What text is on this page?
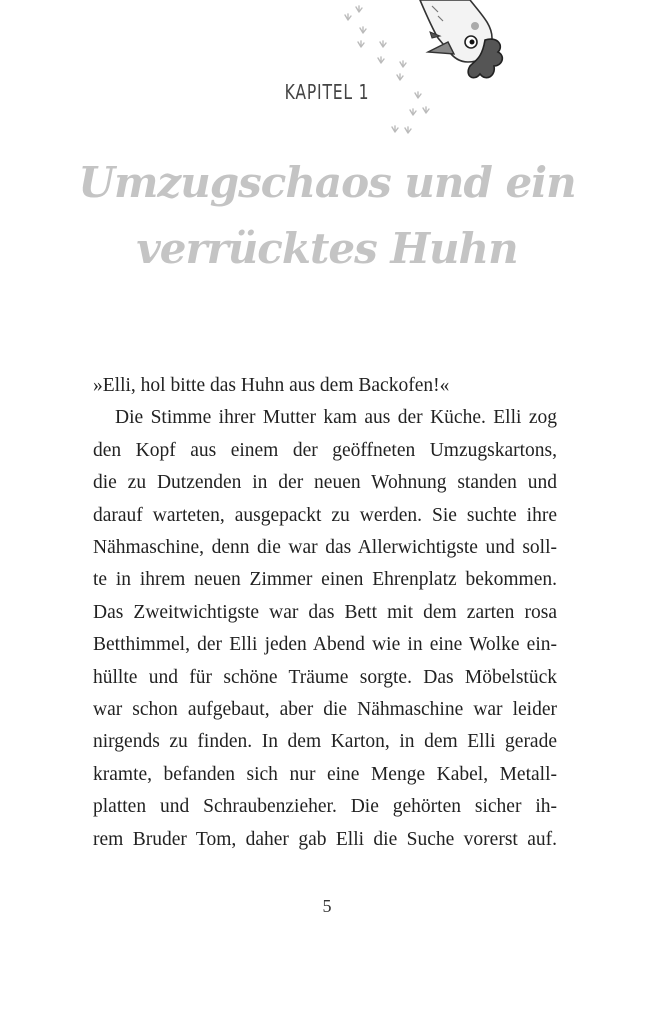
KAPITEL 1
Umzugschaos und ein
verrücktes Huhn
»Elli, hol bitte das Huhn aus dem Backofen!«
Die Stimme ihrer Mutter kam aus der Küche. Elli zog
den Kopf aus einem der geöffneten Umzugskartons,
die zu Dutzenden in der neuen Wohnung standen und
darauf warteten, ausgepackt zu werden. Sie suchte ihre
Nähmaschine, denn die war das Allerwichtigste und soll-
te in ihrem neuen Zimmer einen Ehrenplatz bekommen.
Das Zweitwichtigste war das Bett mit dem zarten rosa
Betthimmel, der Elli jeden Abend wie in eine Wolke ein-
hüllte und für schöne Träume sorgte. Das Möbelstück
war schon aufgebaut, aber die Nähmaschine war leider
nirgends zu finden. In dem Karton, in dem Elli gerade
kramte, befanden sich nur eine Menge Kabel, Metall-
platten und Schraubenzieher. Die gehörten sicher ih-
rem Bruder Tom, daher gab Elli die Suche vorerst auf.
5
